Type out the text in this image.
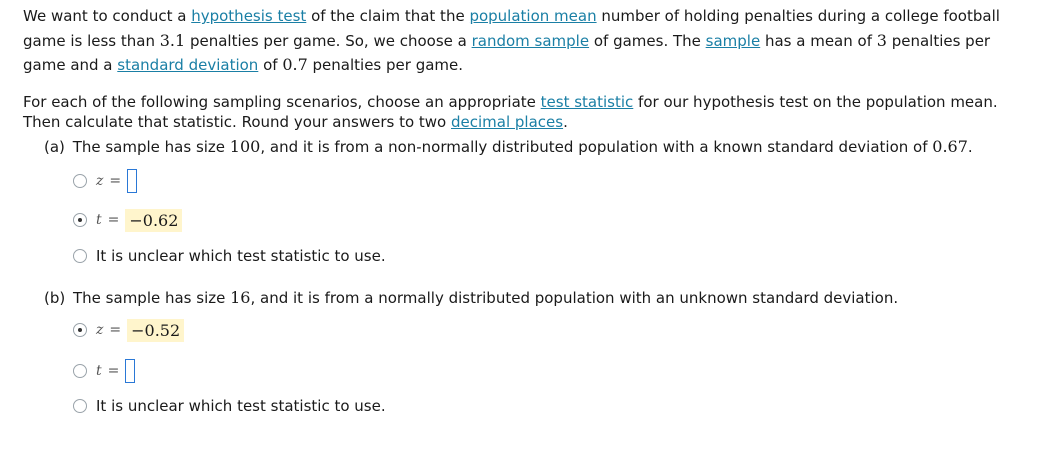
We want to conduct a hypothesis test of the claim that the population mean number of holding penalties during a college football game is less than 3.1 penalties per game. So, we choose a random sample of games. The sample has a mean of 3 penalties per game and a standard deviation of 0.7 penalties per game.
For each of the following sampling scenarios, choose an appropriate test statistic for our hypothesis test on the population mean. Then calculate that statistic. Round your answers to two decimal places.
(a) The sample has size 100, and it is from a non-normally distributed population with a known standard deviation of 0.67.
z =
t = −0.62
It is unclear which test statistic to use.
(b) The sample has size 16, and it is from a normally distributed population with an unknown standard deviation.
z = −0.52
t =
It is unclear which test statistic to use.
